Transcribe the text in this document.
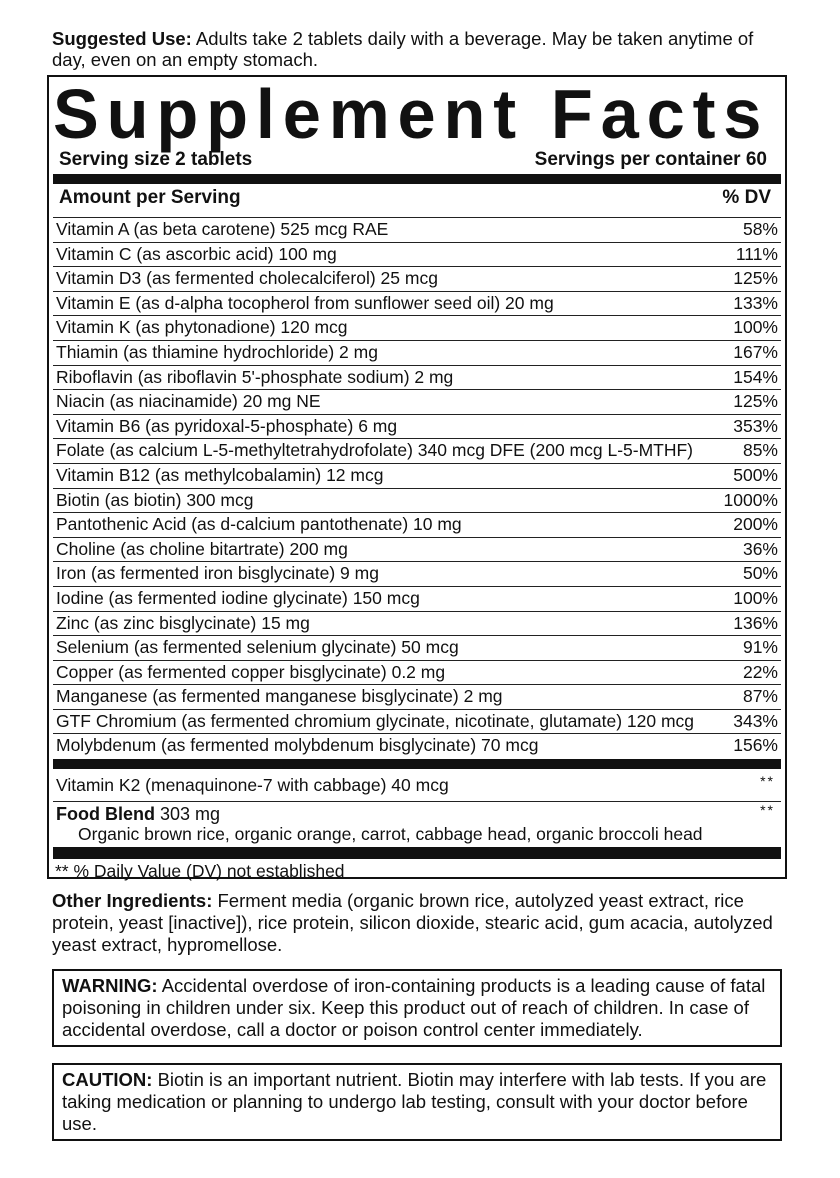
Suggested Use: Adults take 2 tablets daily with a beverage. May be taken anytime of day, even on an empty stomach.
Supplement Facts
Serving size 2 tablets	Servings per container 60
Amount per Serving	% DV
Vitamin A (as beta carotene) 525 mcg RAE	58%
Vitamin C (as ascorbic acid) 100 mg	111%
Vitamin D3 (as fermented cholecalciferol) 25 mcg	125%
Vitamin E (as d-alpha tocopherol from sunflower seed oil) 20 mg	133%
Vitamin K (as phytonadione) 120 mcg	100%
Thiamin (as thiamine hydrochloride) 2 mg	167%
Riboflavin (as riboflavin 5'-phosphate sodium) 2 mg	154%
Niacin (as niacinamide) 20 mg NE	125%
Vitamin B6 (as pyridoxal-5-phosphate) 6 mg	353%
Folate (as calcium L-5-methyltetrahydrofolate) 340 mcg DFE (200 mcg L-5-MTHF)	85%
Vitamin B12 (as methylcobalamin) 12 mcg	500%
Biotin (as biotin) 300 mcg	1000%
Pantothenic Acid (as d-calcium pantothenate) 10 mg	200%
Choline (as choline bitartrate) 200 mg	36%
Iron (as fermented iron bisglycinate) 9 mg	50%
Iodine (as fermented iodine glycinate) 150 mcg	100%
Zinc (as zinc bisglycinate) 15 mg	136%
Selenium (as fermented selenium glycinate) 50 mcg	91%
Copper (as fermented copper bisglycinate) 0.2 mg	22%
Manganese (as fermented manganese bisglycinate) 2 mg	87%
GTF Chromium (as fermented chromium glycinate, nicotinate, glutamate) 120 mcg 343%
Molybdenum (as fermented molybdenum bisglycinate) 70 mcg	156%
Vitamin K2 (menaquinone-7 with cabbage) 40 mcg	**
Food Blend 303 mg	**
Organic brown rice, organic orange, carrot, cabbage head, organic broccoli head
** % Daily Value (DV) not established
Other Ingredients: Ferment media (organic brown rice, autolyzed yeast extract, rice protein, yeast [inactive]), rice protein, silicon dioxide, stearic acid, gum acacia, autolyzed yeast extract, hypromellose.
WARNING: Accidental overdose of iron-containing products is a leading cause of fatal poisoning in children under six. Keep this product out of reach of children. In case of accidental overdose, call a doctor or poison control center immediately.
CAUTION: Biotin is an important nutrient. Biotin may interfere with lab tests. If you are taking medication or planning to undergo lab testing, consult with your doctor before use.
